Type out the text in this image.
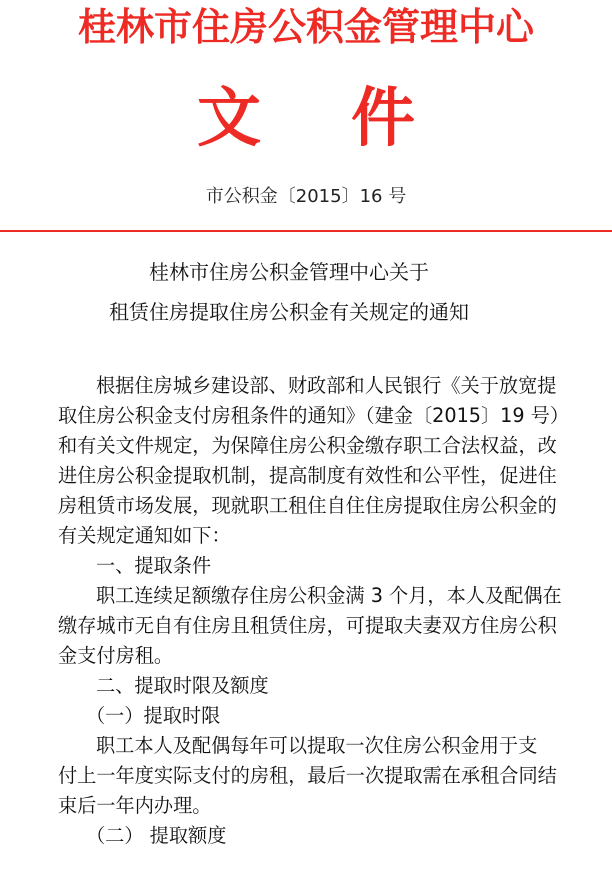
桂林市住房公积金管理中心
文件
市公积金〔2015〕16 号
桂林市住房公积金管理中心关于
租赁住房提取住房公积金有关规定的通知

根据住房城乡建设部、财政部和人民银行《关于放宽提

取住房公积金支付房租条件的通知》（建金〔2015〕19 号）

和有关文件规定，为保障住房公积金缴存职工合法权益，改

进住房公积金提取机制，提高制度有效性和公平性，促进住

房租赁市场发展，现就职工租住自住住房提取住房公积金的

有关规定通知如下：

一、提取条件

职工连续足额缴存住房公积金满 3 个月，本人及配偶在

缴存城市无自有住房且租赁住房，可提取夫妻双方住房公积

金支付房租。

二、提取时限及额度

（一）提取时限

职工本人及配偶每年可以提取一次住房公积金用于支

付上一年度实际支付的房租，最后一次提取需在承租合同结

束后一年内办理。

（二） 提取额度
